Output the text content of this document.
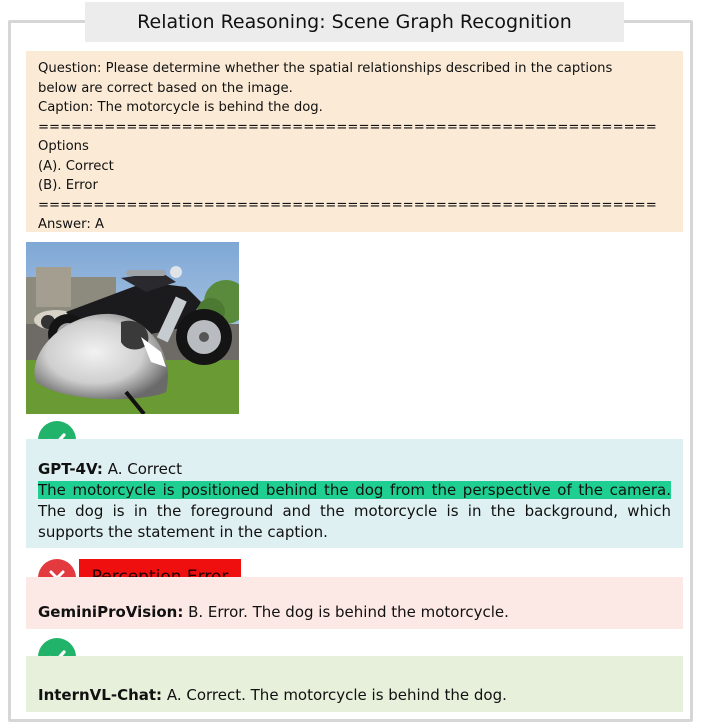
Relation Reasoning: Scene Graph Recognition
Question: Please determine whether the spatial relationships described in the captions
below are correct based on the image.
Caption: The motorcycle is behind the dog.
========================================================
Options
(A). Correct
(B). Error
========================================================
Answer: A
GPT-4V: A. Correct
The motorcycle is positioned behind the dog from the perspective of the camera. The dog is in the foreground and the motorcycle is in the background, which supports the statement in the caption.
GeminiProVision: B. Error. The dog is behind the motorcycle.
InternVL-Chat: A. Correct. The motorcycle is behind the dog.
